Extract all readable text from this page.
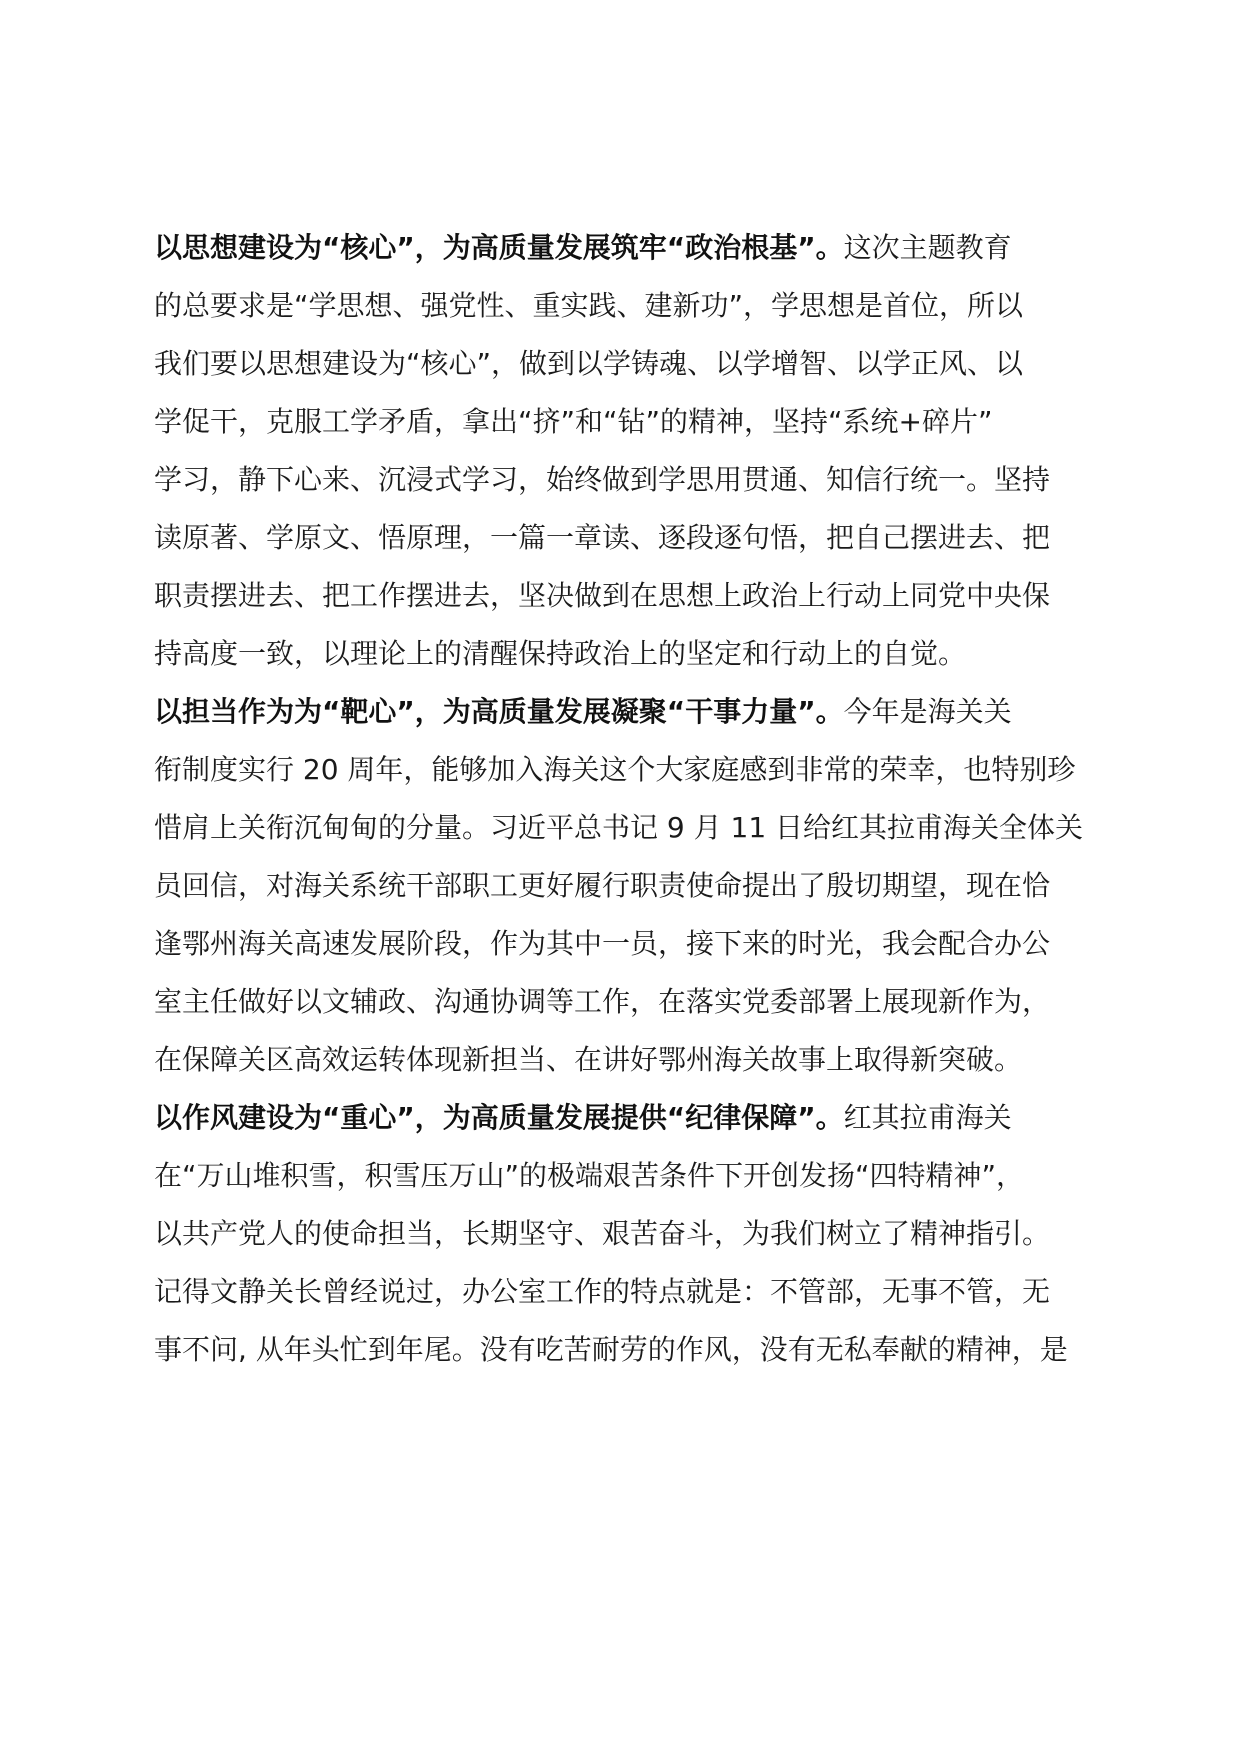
以思想建设为“核心”，为高质量发展筑牢“政治根基”。这次主题教育
的总要求是“学思想、强党性、重实践、建新功”，学思想是首位，所以
我们要以思想建设为“核心”，做到以学铸魂、以学增智、以学正风、以
学促干，克服工学矛盾，拿出“挤”和“钻”的精神，坚持“系统+碎片”
学习，静下心来、沉浸式学习，始终做到学思用贯通、知信行统一。坚持
读原著、学原文、悟原理，一篇一章读、逐段逐句悟，把自己摆进去、把
职责摆进去、把工作摆进去，坚决做到在思想上政治上行动上同党中央保
持高度一致，以理论上的清醒保持政治上的坚定和行动上的自觉。
以担当作为为“靶心”，为高质量发展凝聚“干事力量”。今年是海关关
衔制度实行 20 周年，能够加入海关这个大家庭感到非常的荣幸，也特别珍
惜肩上关衔沉甸甸的分量。习近平总书记 9 月 11 日给红其拉甫海关全体关
员回信，对海关系统干部职工更好履行职责使命提出了殷切期望，现在恰
逢鄂州海关高速发展阶段，作为其中一员，接下来的时光，我会配合办公
室主任做好以文辅政、沟通协调等工作，在落实党委部署上展现新作为，
在保障关区高效运转体现新担当、在讲好鄂州海关故事上取得新突破。
以作风建设为“重心”，为高质量发展提供“纪律保障”。红其拉甫海关
在“万山堆积雪，积雪压万山”的极端艰苦条件下开创发扬“四特精神”，
以共产党人的使命担当，长期坚守、艰苦奋斗，为我们树立了精神指引。
记得文静关长曾经说过，办公室工作的特点就是：不管部，无事不管，无
事不问, 从年头忙到年尾。没有吃苦耐劳的作风，没有无私奉献的精神，是
